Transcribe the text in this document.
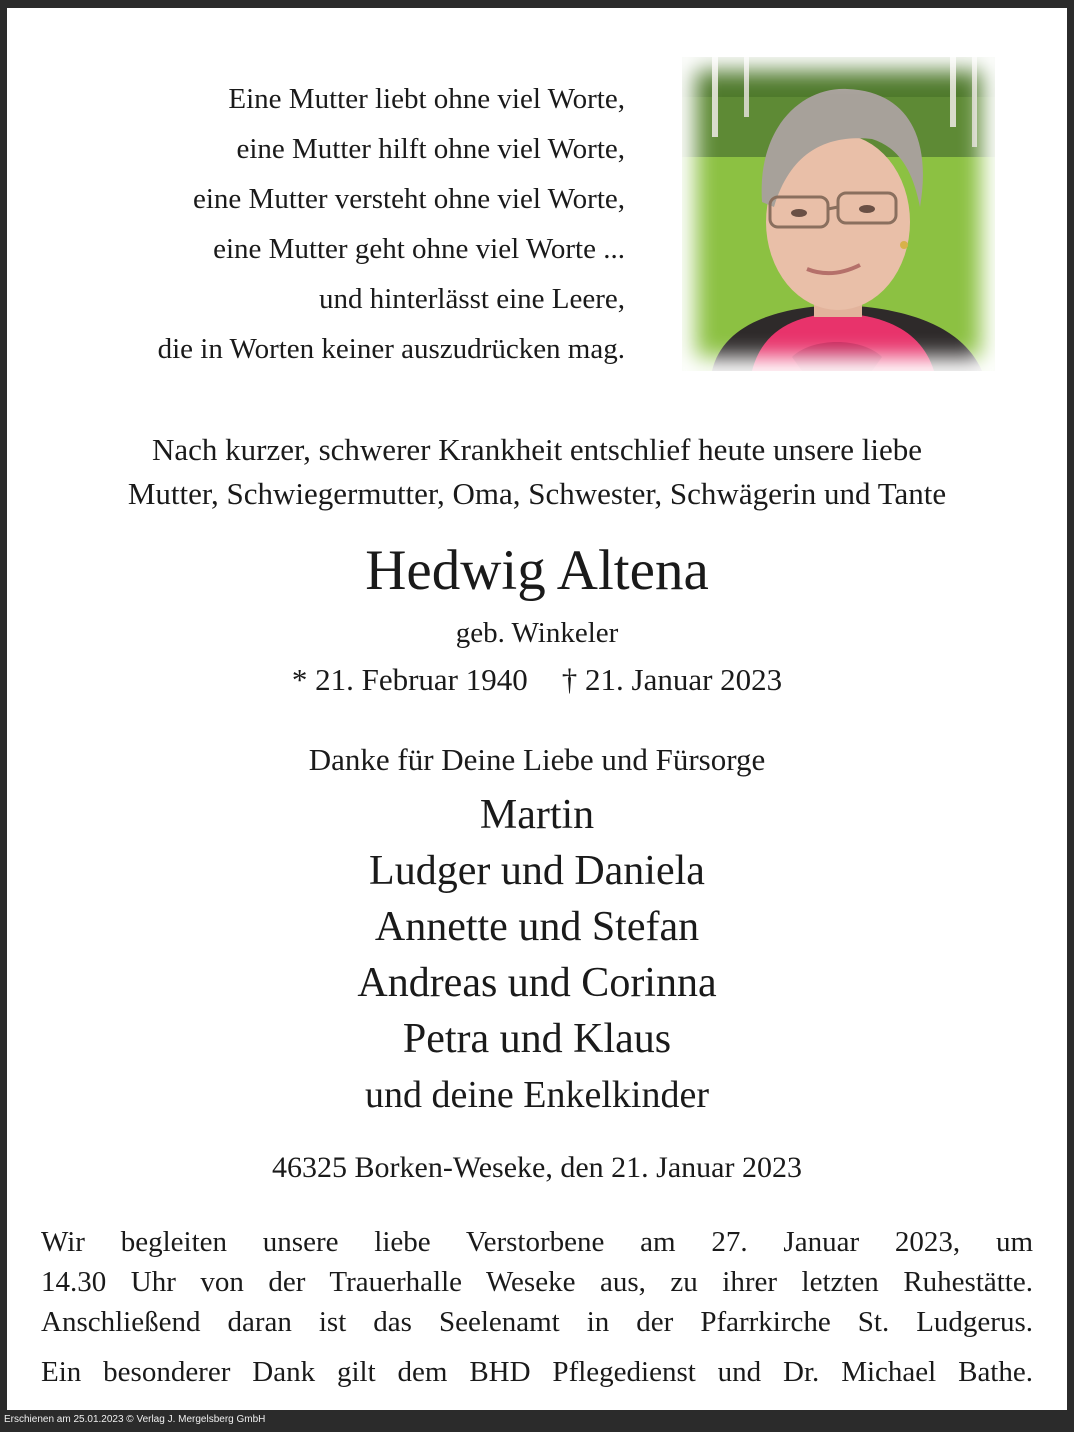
Eine Mutter liebt ohne viel Worte,
eine Mutter hilft ohne viel Worte,
eine Mutter versteht ohne viel Worte,
eine Mutter geht ohne viel Worte ...
und hinterlässt eine Leere,
die in Worten keiner auszudrücken mag.
Nach kurzer, schwerer Krankheit entschlief heute unsere liebe
Mutter, Schwiegermutter, Oma, Schwester, Schwägerin und Tante
Hedwig Altena
geb. Winkeler
* 21. Februar 1940 † 21. Januar 2023
Danke für Deine Liebe und Fürsorge
Martin
Ludger und Daniela
Annette und Stefan
Andreas und Corinna
Petra und Klaus
und deine Enkelkinder
46325 Borken-Weseke, den 21. Januar 2023
Wir begleiten unsere liebe Verstorbene am 27. Januar 2023, um
14.30 Uhr von der Trauerhalle Weseke aus, zu ihrer letzten Ruhestätte.
Anschließend daran ist das Seelenamt in der Pfarrkirche St. Ludgerus.
Ein besonderer Dank gilt dem BHD Pflegedienst und Dr. Michael Bathe.
Erschienen am 25.01.2023 © Verlag J. Mergelsberg GmbH
